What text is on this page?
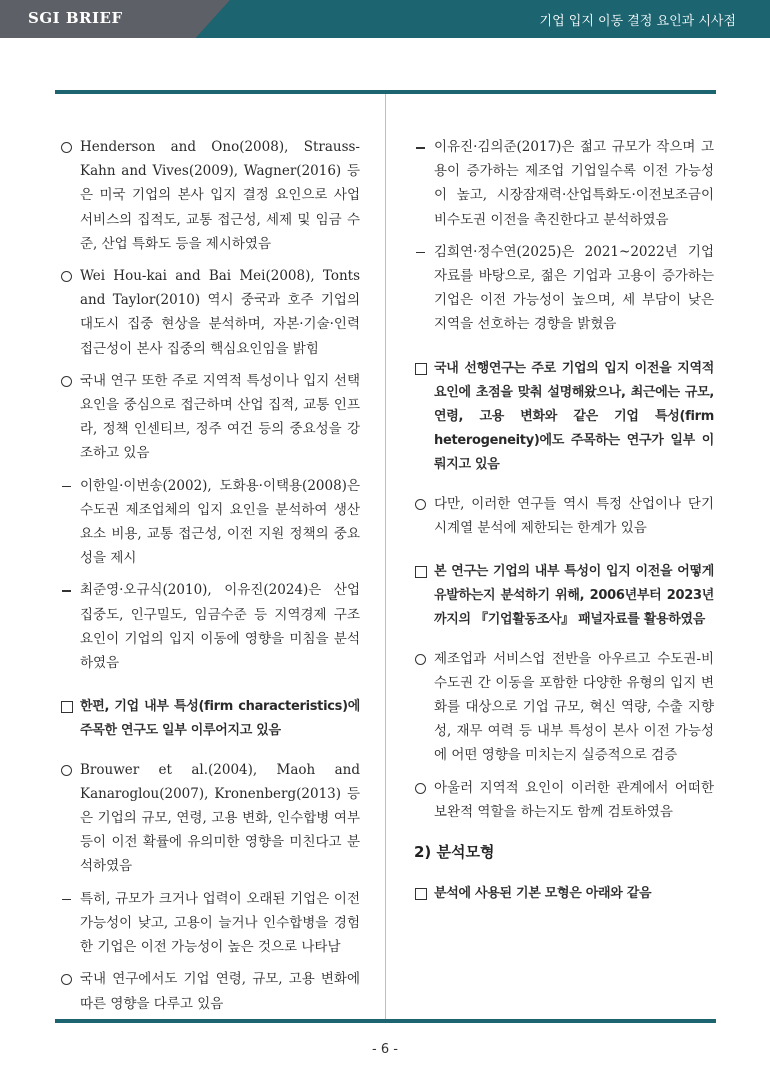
SGI BRIEF	기업 입지 이동 결정 요인과 시사점
Henderson and Ono(2008), Strauss-Kahn and Vives(2009), Wagner(2016) 등은 미국 기업의 본사 입지 결정 요인으로 사업 서비스의 집적도, 교통 접근성, 세제 및 임금 수준, 산업 특화도 등을 제시하였음
Wei Hou-kai and Bai Mei(2008), Tonts and Taylor(2010) 역시 중국과 호주 기업의 대도시 집중 현상을 분석하며, 자본·기술·인력 접근성이 본사 집중의 핵심요인임을 밝힘
국내 연구 또한 주로 지역적 특성이나 입지 선택 요인을 중심으로 접근하며 산업 집적, 교통 인프라, 정책 인센티브, 정주 여건 등의 중요성을 강조하고 있음
이한일·이번송(2002), 도화용·이택용(2008)은 수도권 제조업체의 입지 요인을 분석하여 생산요소 비용, 교통 접근성, 이전 지원 정책의 중요성을 제시
최준영·오규식(2010), 이유진(2024)은 산업 집중도, 인구밀도, 임금수준 등 지역경제 구조 요인이 기업의 입지 이동에 영향을 미침을 분석하였음
한편, 기업 내부 특성(firm characteristics)에 주목한 연구도 일부 이루어지고 있음
Brouwer et al.(2004), Maoh and Kanaroglou(2007), Kronenberg(2013) 등은 기업의 규모, 연령, 고용 변화, 인수합병 여부 등이 이전 확률에 유의미한 영향을 미친다고 분석하였음
특히, 규모가 크거나 업력이 오래된 기업은 이전 가능성이 낮고, 고용이 늘거나 인수합병을 경험한 기업은 이전 가능성이 높은 것으로 나타남
국내 연구에서도 기업 연령, 규모, 고용 변화에 따른 영향을 다루고 있음
이유진·김의준(2017)은 젊고 규모가 작으며 고용이 증가하는 제조업 기업일수록 이전 가능성이 높고, 시장잠재력·산업특화도·이전보조금이 비수도권 이전을 촉진한다고 분석하였음
김희연·정수연(2025)은 2021~2022년 기업 자료를 바탕으로, 젊은 기업과 고용이 증가하는 기업은 이전 가능성이 높으며, 세 부담이 낮은 지역을 선호하는 경향을 밝혔음
국내 선행연구는 주로 기업의 입지 이전을 지역적 요인에 초점을 맞춰 설명해왔으나, 최근에는 규모, 연령, 고용 변화와 같은 기업 특성(firm heterogeneity)에도 주목하는 연구가 일부 이뤄지고 있음
다만, 이러한 연구들 역시 특정 산업이나 단기 시계열 분석에 제한되는 한계가 있음
본 연구는 기업의 내부 특성이 입지 이전을 어떻게 유발하는지 분석하기 위해, 2006년부터 2023년까지의 『기업활동조사』 패널자료를 활용하였음
제조업과 서비스업 전반을 아우르고 수도권-비수도권 간 이동을 포함한 다양한 유형의 입지 변화를 대상으로 기업 규모, 혁신 역량, 수출 지향성, 재무 여력 등 내부 특성이 본사 이전 가능성에 어떤 영향을 미치는지 실증적으로 검증
아울러 지역적 요인이 이러한 관계에서 어떠한 보완적 역할을 하는지도 함께 검토하였음
2) 분석모형
분석에 사용된 기본 모형은 아래와 같음
- 6 -
